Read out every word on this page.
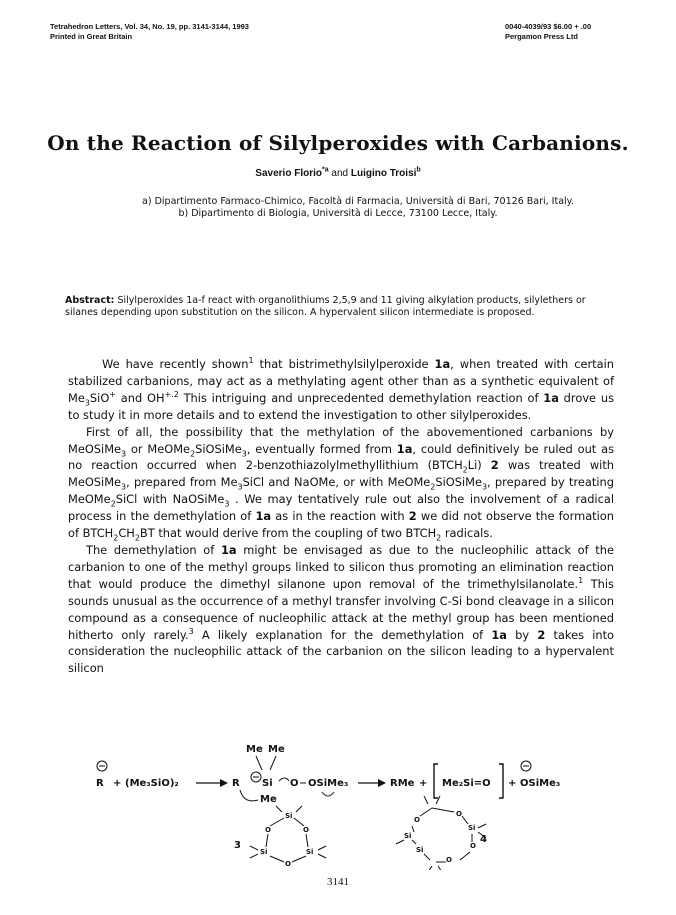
Tetrahedron Letters, Vol. 34, No. 19, pp. 3141-3144, 1993
Printed in Great Britain
0040-4039/93 $6.00 + .00
Pergamon Press Ltd
On the Reaction of Silylperoxides with Carbanions.
Saverio Florio$^{*a}$ and Luigino Troisi$^b$
a) Dipartimento Farmaco-Chimico, Facoltà di Farmacia, Università di Bari, 70126 Bari, Italy.
b) Dipartimento di Biologia, Università di Lecce, 73100 Lecce, Italy.
Abstract: Silylperoxides 1a-f react with organolithiums 2,5,9 and 11 giving alkylation products, silylethers or silanes depending upon substitution on the silicon. A hypervalent silicon intermediate is proposed.

We have recently shown$^1$ that bistrimethylsilylperoxide 1a, when treated with certain stabilized carbanions, may act as a methylating agent other than as a synthetic equivalent of $Me_3SiO^+$ and $OH^{+.2}$ This intriguing and unprecedented demethylation reaction of 1a drove us to study it in more details and to extend the investigation to other silylperoxides.

First of all, the possibility that the methylation of the abovementioned carbanions by MeOSiMe$_3$ or MeOMe$_2$SiOSiMe$_3$, eventually formed from 1a, could definitively be ruled out as no reaction occurred when 2-benzothiazolylmethyllithium $(BTCH_2Li)$ 2 was treated with MeOSiMe$_3$, prepared from $Me_3SiCl$ and NaOMe, or with MeOMe$_2$SiOSiMe$_3$, prepared by treating MeOMe$_2$SiCl with NaOSiMe$_3$ . We may tentatively rule out also the involvement of a radical process in the demethylation of 1a as in the reaction with 2 we did not observe the formation of $BTCH_2CH_2BT$ that would derive from the coupling of two $BTCH_2$ radicals.

The demethylation of 1a might be envisaged as due to the nucleophilic attack of the carbanion to one of the methyl groups linked to silicon thus promoting an elimination reaction that would produce the dimethyl silanone upon removal of the trimethylsilanolate.$^1$ This sounds unusual as the occurrence of a methyl transfer involving C-Si bond cleavage in a silicon compound as a consequence of nucleophilic attack at the methyl group has been mentioned hitherto only rarely.$^3$ A likely explanation for the demethylation of 1a by 2 takes into consideration the nucleophilic attack of the carbanion on the silicon leading to a hypervalent silicon

R + (Me₃SiO)₂	R
Me Me
Si O OSiMe₃
Me
RMe + Me₂Si=O + OSiMe₃
3
Si
O	O
Si	Si
O
4
O
O
Si
O
Si
O
Si
3141
